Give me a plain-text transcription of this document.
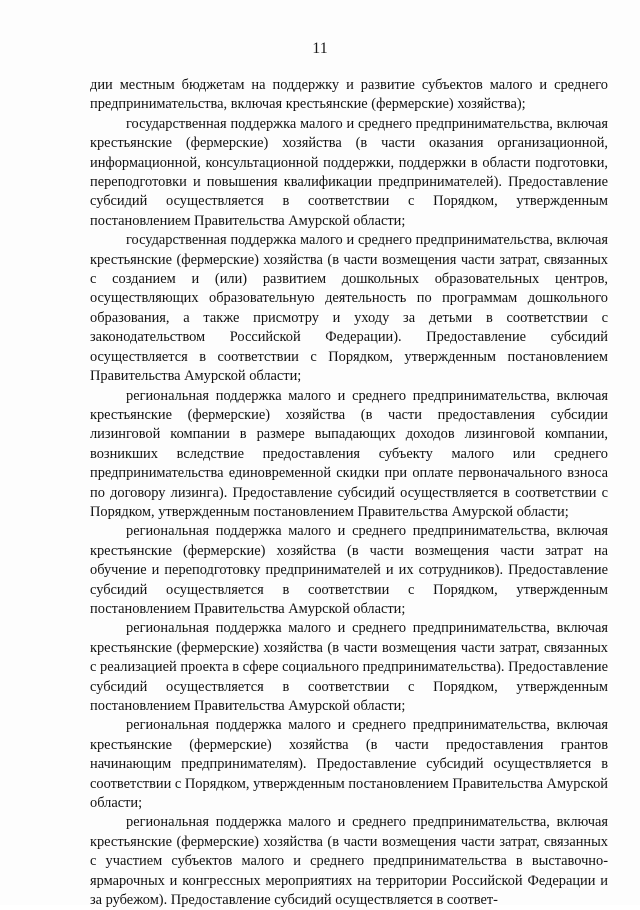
11

дии местным бюджетам на поддержку и развитие субъектов малого и среднего предпринимательства, включая крестьянские (фермерские) хозяйства);

государственная поддержка малого и среднего предпринимательства, включая крестьянские (фермерские) хозяйства (в части оказания организационной, информационной, консультационной поддержки, поддержки в области подготовки, переподготовки и повышения квалификации предпринимателей). Предоставление субсидий осуществляется в соответствии с Порядком, утвержденным постановлением Правительства Амурской области;

государственная поддержка малого и среднего предпринимательства, включая крестьянские (фермерские) хозяйства (в части возмещения части затрат, связанных с созданием и (или) развитием дошкольных образовательных центров, осуществляющих образовательную деятельность по программам дошкольного образования, а также присмотру и уходу за детьми в соответствии с законодательством Российской Федерации). Предоставление субсидий осуществляется в соответствии с Порядком, утвержденным постановлением Правительства Амурской области;

региональная поддержка малого и среднего предпринимательства, включая крестьянские (фермерские) хозяйства (в части предоставления субсидии лизинговой компании в размере выпадающих доходов лизинговой компании, возникших вследствие предоставления субъекту малого или среднего предпринимательства единовременной скидки при оплате первоначального взноса по договору лизинга). Предоставление субсидий осуществляется в соответствии с Порядком, утвержденным постановлением Правительства Амурской области;

региональная поддержка малого и среднего предпринимательства, включая крестьянские (фермерские) хозяйства (в части возмещения части затрат на обучение и переподготовку предпринимателей и их сотрудников). Предоставление субсидий осуществляется в соответствии с Порядком, утвержденным постановлением Правительства Амурской области;

региональная поддержка малого и среднего предпринимательства, включая крестьянские (фермерские) хозяйства (в части возмещения части затрат, связанных с реализацией проекта в сфере социального предпринимательства). Предоставление субсидий осуществляется в соответствии с Порядком, утвержденным постановлением Правительства Амурской области;

региональная поддержка малого и среднего предпринимательства, включая крестьянские (фермерские) хозяйства (в части предоставления грантов начинающим предпринимателям). Предоставление субсидий осуществляется в соответствии с Порядком, утвержденным постановлением Правительства Амурской области;

региональная поддержка малого и среднего предпринимательства, включая крестьянские (фермерские) хозяйства (в части возмещения части затрат, связанных с участием субъектов малого и среднего предпринимательства в выставочно-ярмарочных и конгрессных мероприятиях на территории Российской Федерации и за рубежом). Предоставление субсидий осуществляется в соответ-
